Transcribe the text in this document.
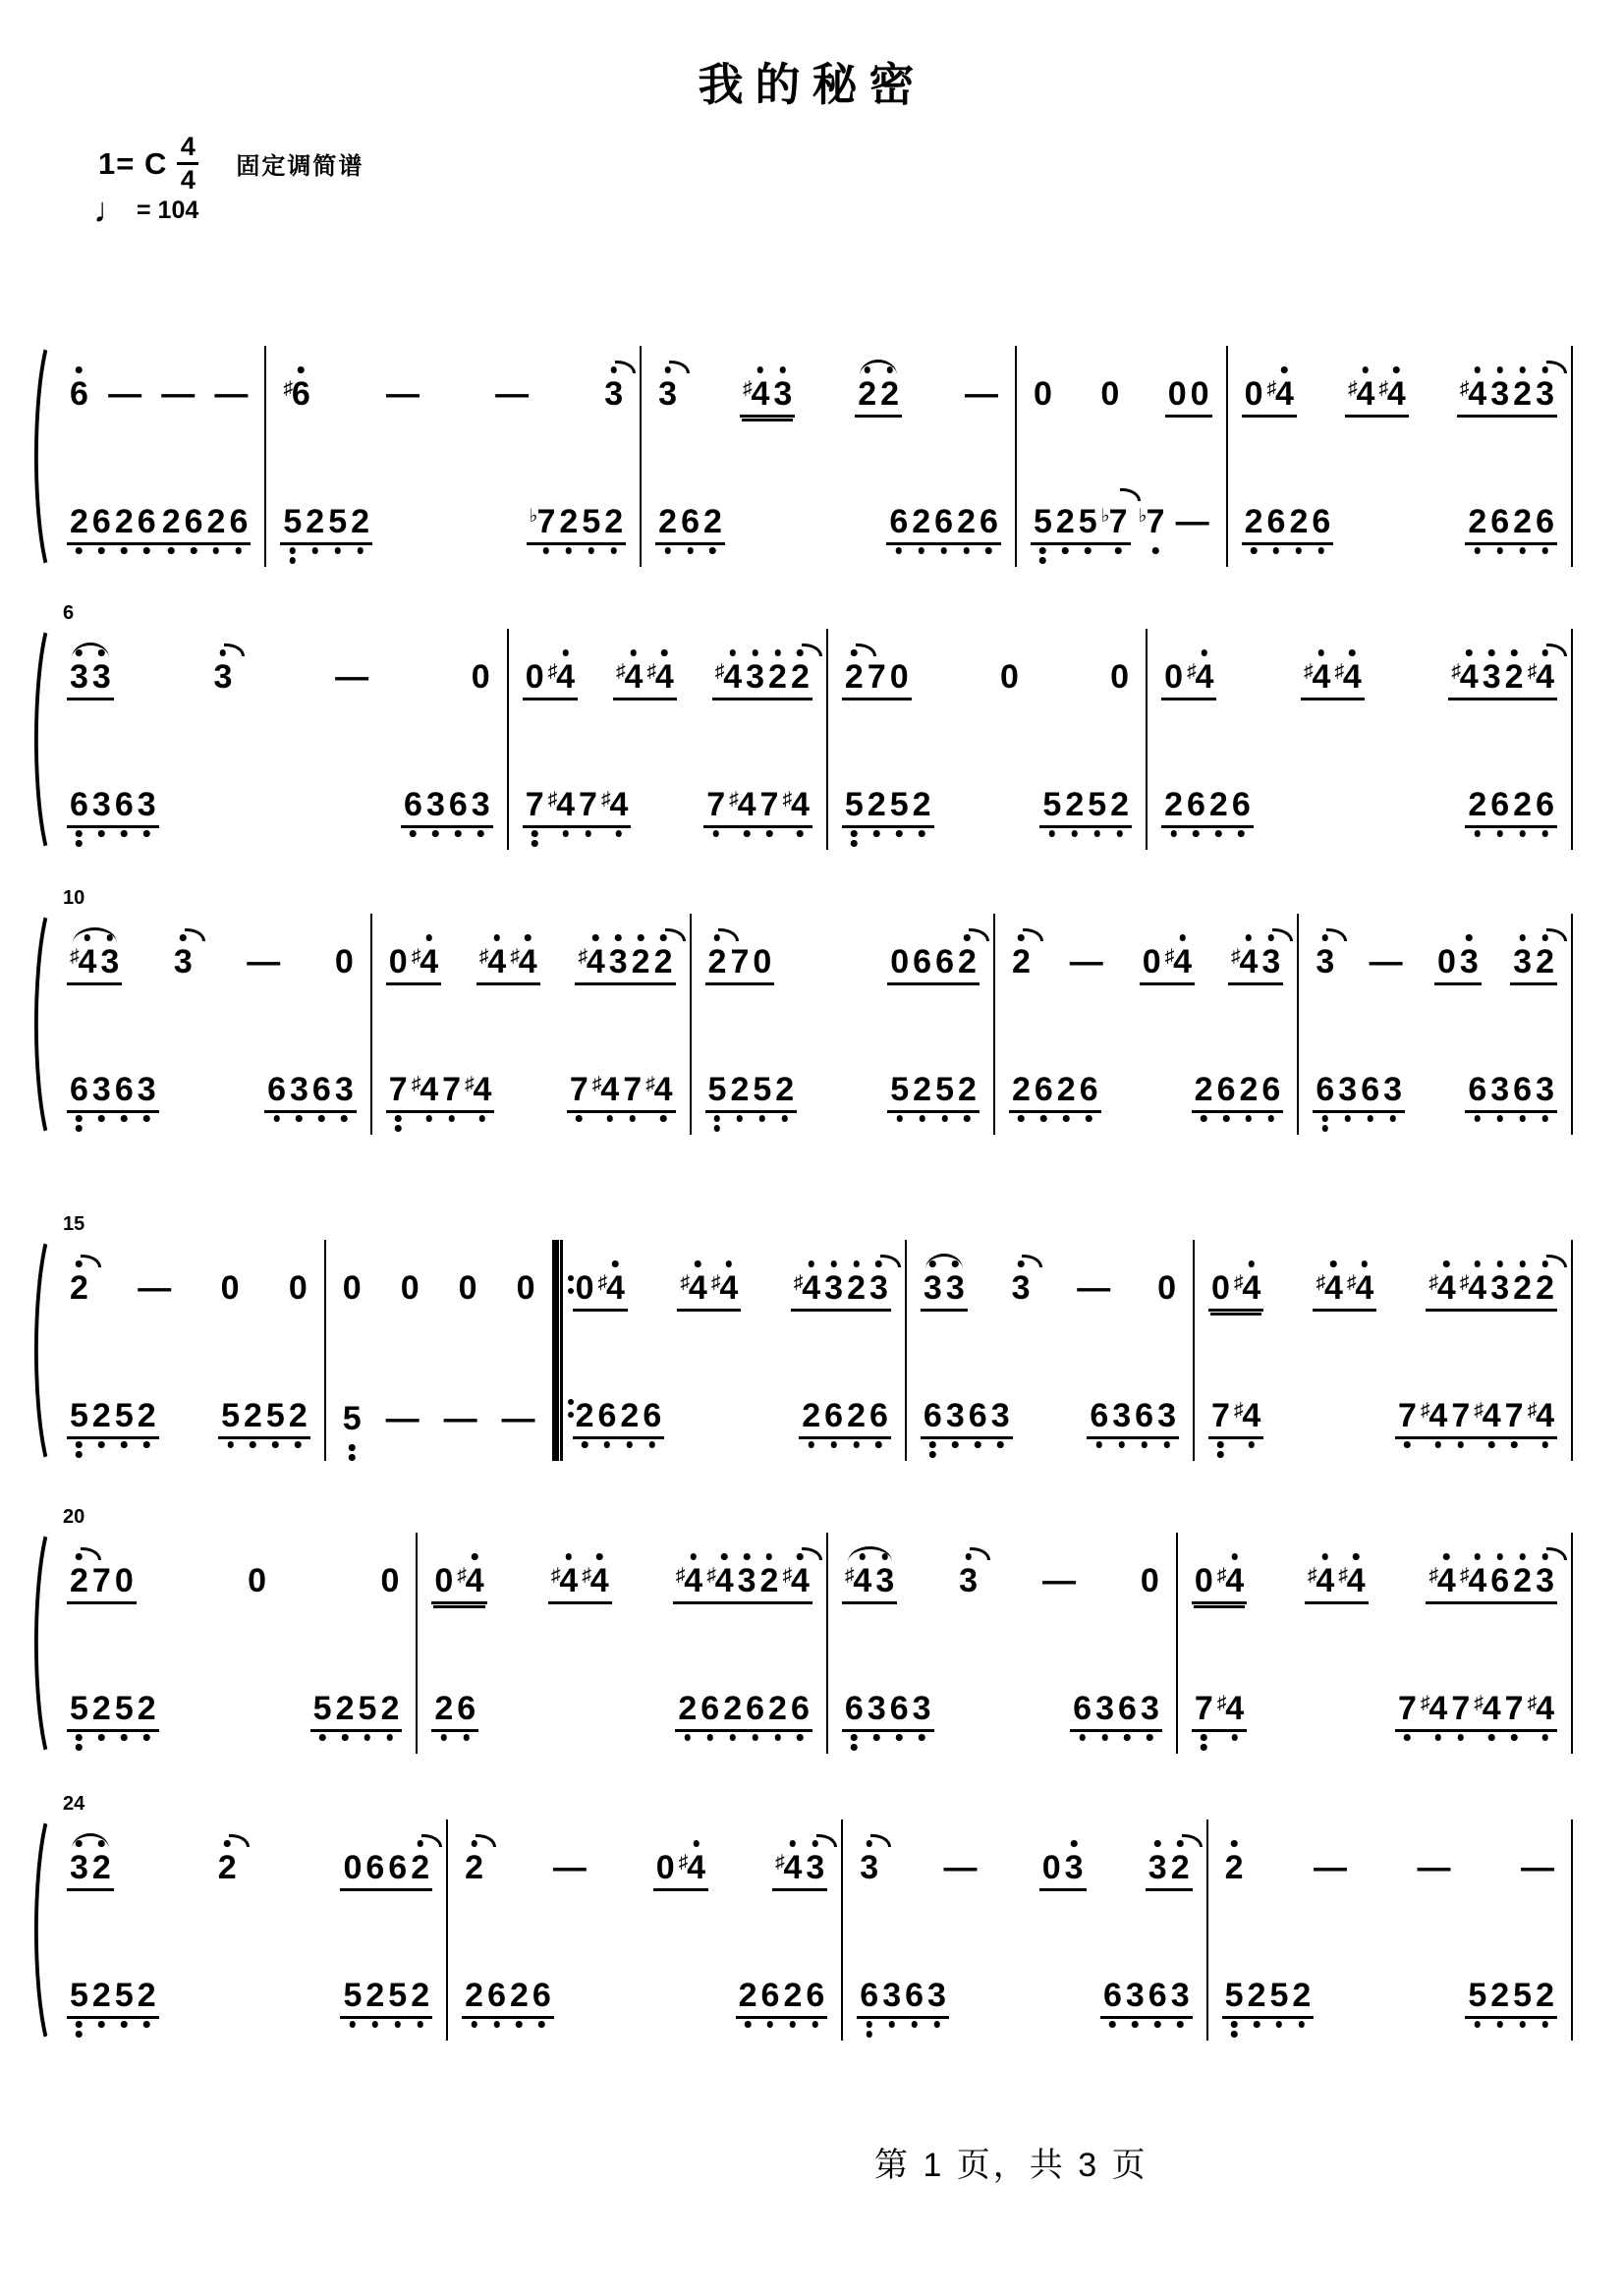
我的秘密
1= C 4
4 固定调简谱
♩ = 104
6 — — —
2 6 2 6 2 6 2 6
♯ 6 — — 3
5 2 5 2	♭ 7 2 5 2
3	♯ 4 3 2 2 —
2 6 2	6 2 6 2 6
0 0 0 0
5 2 5 ♭ 7 ♭ 7 —
0 ♯ 4	♯ 4 ♯ 4	♯ 4 3 2 3
2 6 2 6	2 6 2 6
6
3 3	3	—	0
6 3 6 3	6 3 6 3
0 ♯ 4 ♯ 4 ♯ 4 ♯ 4 3 2 2
7 ♯ 4 7 ♯ 4 7 ♯ 4 7 ♯ 4
2 7 0	0	0
5 2 5 2	5 2 5 2
0 ♯ 4	♯ 4 ♯ 4	♯ 4 3 2 ♯ 4
2 6 2 6	2 6 2 6
10
♯ 4 3 3 — 0
6 3 6 3	6 3 6 3
0 ♯ 4 ♯ 4 ♯ 4 ♯ 4 3 2 2
7 ♯ 4 7 ♯ 4 7 ♯ 4 7 ♯ 4
2 7 0	0 6 6 2
5 2 5 2	5 2 5 2
2 — 0 ♯ 4 ♯ 4 3
2 6 2 6	2 6 2 6
3 — 0 3 3 2
6 3 6 3 6 3 6 3
15
2 — 0 0
5 2 5 2 5 2 5 2
0 0 0 0
5 — — —
0 ♯ 4	♯ 4 ♯ 4	♯ 4 3 2 3
2 6 2 6	2 6 2 6
3 3 3 — 0
6 3 6 3 6 3 6 3
0 ♯ 4	♯ 4 ♯ 4	♯ 4 ♯ 4 3 2 2
7 ♯ 4	7 ♯ 4 7 ♯ 4 7 ♯ 4
20
2 7 0	0	0
5 2 5 2	5 2 5 2
0 ♯ 4	♯ 4 ♯ 4	♯ 4 ♯ 4 3 2 ♯ 4
2 6	2 6 2 6 2 6
♯ 4 3 3 — 0
6 3 6 3	6 3 6 3
0 ♯ 4	♯ 4 ♯ 4	♯ 4 ♯ 4 6 2 3
7 ♯ 4	7 ♯ 4 7 ♯ 4 7 ♯ 4
24
3 2	2	0 6 6 2
5 2 5 2	5 2 5 2
2 — 0 ♯ 4	♯ 4 3
2 6 2 6	2 6 2 6
3 — 0 3 3 2
6 3 6 3	6 3 6 3
2 — — —
5 2 5 2	5 2 5 2
第 1 页，共 3 页
